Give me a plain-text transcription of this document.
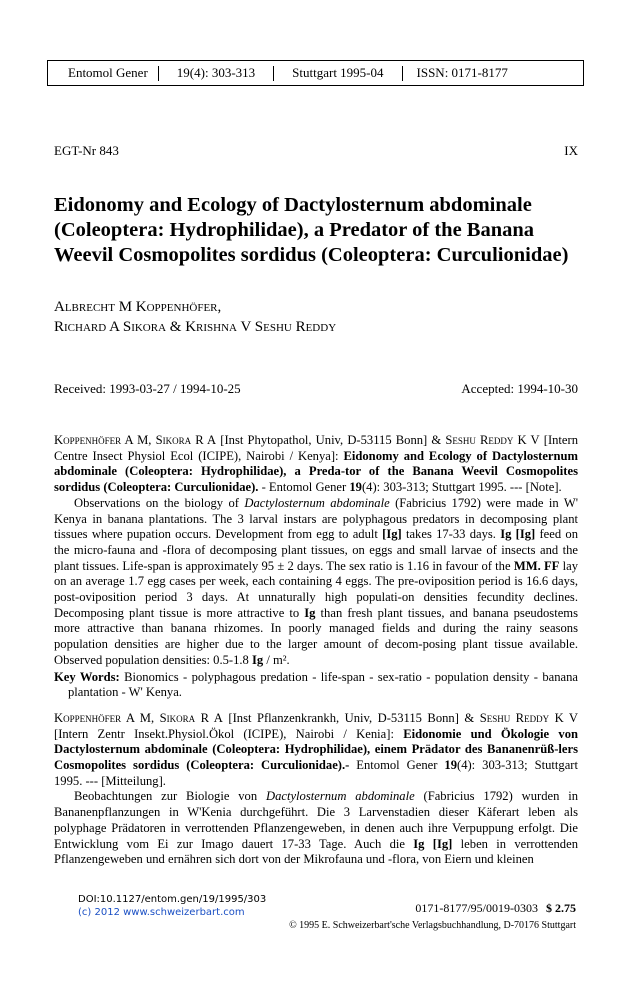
Entomol Gener	19(4): 303-313	Stuttgart 1995-04	ISSN: 0171-8177
EGT-Nr 843	IX
Eidonomy and Ecology of Dactylosternum abdominale (Coleoptera: Hydrophilidae), a Predator of the Banana Weevil Cosmopolites sordidus (Coleoptera: Curculionidae)
Albrecht M Koppenhöfer,
Richard A Sikora & Krishna V Seshu Reddy
Received: 1993-03-27 / 1994-10-25	Accepted: 1994-10-30

Koppenhöfer A M, Sikora R A [Inst Phytopathol, Univ, D-53115 Bonn] & Seshu Reddy K V [Intern Centre Insect Physiol Ecol (ICIPE), Nairobi / Kenya]: Eidonomy and Ecology of Dactylosternum abdominale (Coleoptera: Hydrophilidae), a Preda-tor of the Banana Weevil Cosmopolites sordidus (Coleoptera: Curculionidae). - Entomol Gener 19(4): 303-313; Stuttgart 1995. --- [Note].

Observations on the biology of Dactylosternum abdominale (Fabricius 1792) were made in W' Kenya in banana plantations. The 3 larval instars are polyphagous predators in decomposing plant tissues where pupation occurs. Development from egg to adult [Ig] takes 17-33 days. Ig [Ig] feed on the micro-fauna and -flora of decomposing plant tissues, on eggs and small larvae of insects and the plant tissues. Life-span is approximately 95 ± 2 days. The sex ratio is 1.16 in favour of the MM. FF lay on an average 1.7 egg cases per week, each containing 4 eggs. The pre-oviposition period is 16.6 days, post-oviposition period 3 days. At unnaturally high populati-on densities fecundity declines. Decomposing plant tissue is more attractive to Ig than fresh plant tissues, and banana pseudostems more attractive than banana rhizomes. In poorly managed fields and during the rainy seasons population densities are higher due to the larger amount of decom-posing plant tissue available. Observed population densities: 0.5-1.8 Ig / m².

Key Words: Bionomics - polyphagous predation - life-span - sex-ratio - population density - banana plantation - W' Kenya.

Koppenhöfer A M, Sikora R A [Inst Pflanzenkrankh, Univ, D-53115 Bonn] & Seshu Reddy K V [Intern Zentr Insekt.Physiol.Ökol (ICIPE), Nairobi / Kenia]: Eidonomie und Ökologie von Dactylosternum abdominale (Coleoptera: Hydrophilidae), einem Prädator des Bananenrüß-lers Cosmopolites sordidus (Coleoptera: Curculionidae).- Entomol Gener 19(4): 303-313; Stuttgart 1995. --- [Mitteilung].

Beobachtungen zur Biologie von Dactylosternum abdominale (Fabricius 1792) wurden in Bananenpflanzungen in W'Kenia durchgeführt. Die 3 Larvenstadien dieser Käferart leben als polyphage Prädatoren in verrottenden Pflanzengeweben, in denen auch ihre Verpuppung erfolgt. Die Entwicklung vom Ei zur Imago dauert 17-33 Tage. Auch die Ig [Ig] leben in verrottenden Pflanzengeweben und ernähren sich dort von der Mikrofauna und -flora, von Eiern und kleinen

DOI:10.1127/entom.gen/19/1995/303
(c) 2012 www.schweizerbart.com	0171-8177/95/0019-0303 $ 2.75
© 1995 E. Schweizerbart'sche Verlagsbuchhandlung, D-70176 Stuttgart
